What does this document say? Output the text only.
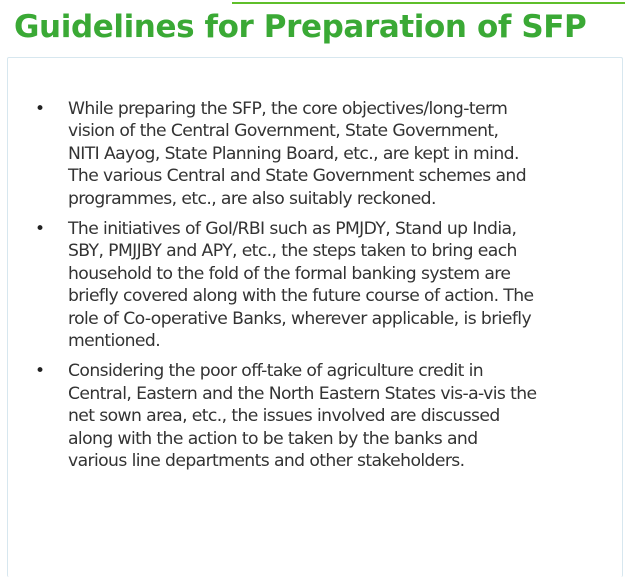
Guidelines for Preparation of SFP
• While preparing the SFP, the core objectives/long-term
vision of the Central Government, State Government,
NITI Aayog, State Planning Board, etc., are kept in mind.
The various Central and State Government schemes and
programmes, etc., are also suitably reckoned.
• The initiatives of GoI/RBI such as PMJDY, Stand up India,
SBY, PMJJBY and APY, etc., the steps taken to bring each
household to the fold of the formal banking system are
briefly covered along with the future course of action. The
role of Co-operative Banks, wherever applicable, is briefly
mentioned.
• Considering the poor off-take of agriculture credit in
Central, Eastern and the North Eastern States vis-a-vis the
net sown area, etc., the issues involved are discussed
along with the action to be taken by the banks and
various line departments and other stakeholders.
